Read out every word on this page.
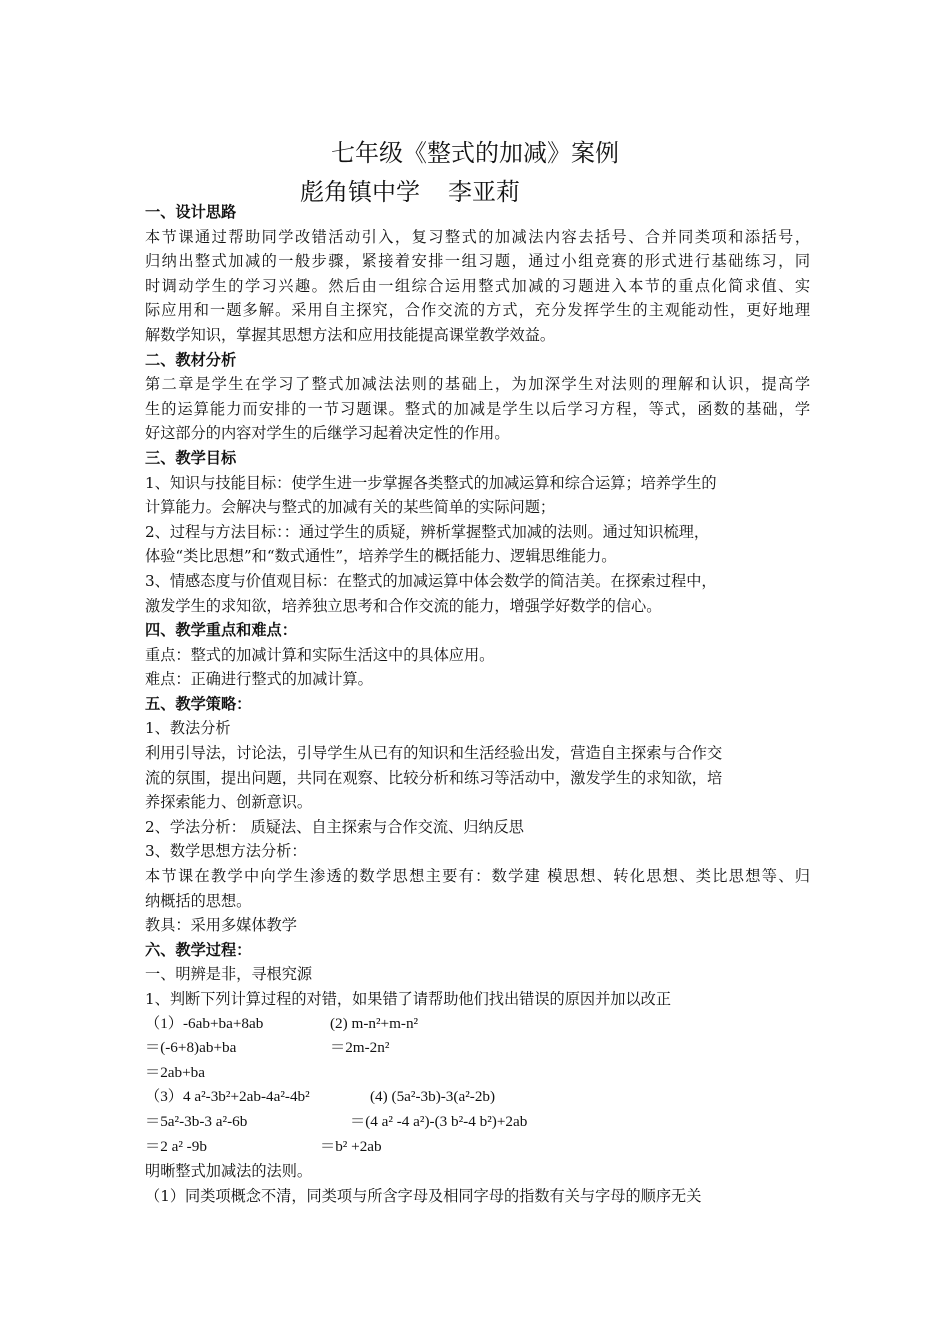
七年级《整式的加减》案例
彪角镇中学 李亚莉
一、设计思路
本节课通过帮助同学改错活动引入，复习整式的加减法内容去括号、合并同类项和添括号，
归纳出整式加减的一般步骤，紧接着安排一组习题，通过小组竞赛的形式进行基础练习，同
时调动学生的学习兴趣。然后由一组综合运用整式加减的习题进入本节的重点化简求值、实
际应用和一题多解。采用自主探究，合作交流的方式，充分发挥学生的主观能动性，更好地理
解数学知识，掌握其思想方法和应用技能提高课堂教学效益。
二、教材分析
第二章是学生在学习了整式加减法法则的基础上，为加深学生对法则的理解和认识，提高学
生的运算能力而安排的一节习题课。整式的加减是学生以后学习方程，等式，函数的基础，学
好这部分的内容对学生的后继学习起着决定性的作用。
三、教学目标
1、知识与技能目标：使学生进一步掌握各类整式的加减运算和综合运算；培养学生的
计算能力。会解决与整式的加减有关的某些简单的实际问题；
2、过程与方法目标：：通过学生的质疑，辨析掌握整式加减的法则。通过知识梳理，
体验“类比思想”和“数式通性”，培养学生的概括能力、逻辑思维能力。
3、情感态度与价值观目标：在整式的加减运算中体会数学的简洁美。在探索过程中，
激发学生的求知欲，培养独立思考和合作交流的能力，增强学好数学的信心。
四、教学重点和难点：
重点：整式的加减计算和实际生活这中的具体应用。
难点：正确进行整式的加减计算。
五、教学策略：
1、教法分析
利用引导法，讨论法，引导学生从已有的知识和生活经验出发，营造自主探索与合作交
流的氛围，提出问题，共同在观察、比较分析和练习等活动中，激发学生的求知欲，培
养探索能力、创新意识。
2、学法分析： 质疑法、自主探索与合作交流、归纳反思
3、数学思想方法分析：
本节课在教学中向学生渗透的数学思想主要有：数学建 模思想、转化思想、类比思想等、归
纳概括的思想。
教具：采用多媒体教学
六、教学过程：
一、明辨是非，寻根究源
1、判断下列计算过程的对错，如果错了请帮助他们找出错误的原因并加以改正
（1）-6ab+ba+8ab	(2) m-n²+m-n²
＝(-6+8)ab+ba	＝2m-2n²
＝2ab+ba
（3）4 a²-3b²+2ab-4a²-4b²	(4) (5a²-3b)-3(a²-2b)
＝5a²-3b-3 a²-6b	＝(4 a² -4 a²)-(3 b²-4 b²)+2ab
＝2 a² -9b	＝b² +2ab
明晰整式加减法的法则。
（1）同类项概念不清，同类项与所含字母及相同字母的指数有关与字母的顺序无关
